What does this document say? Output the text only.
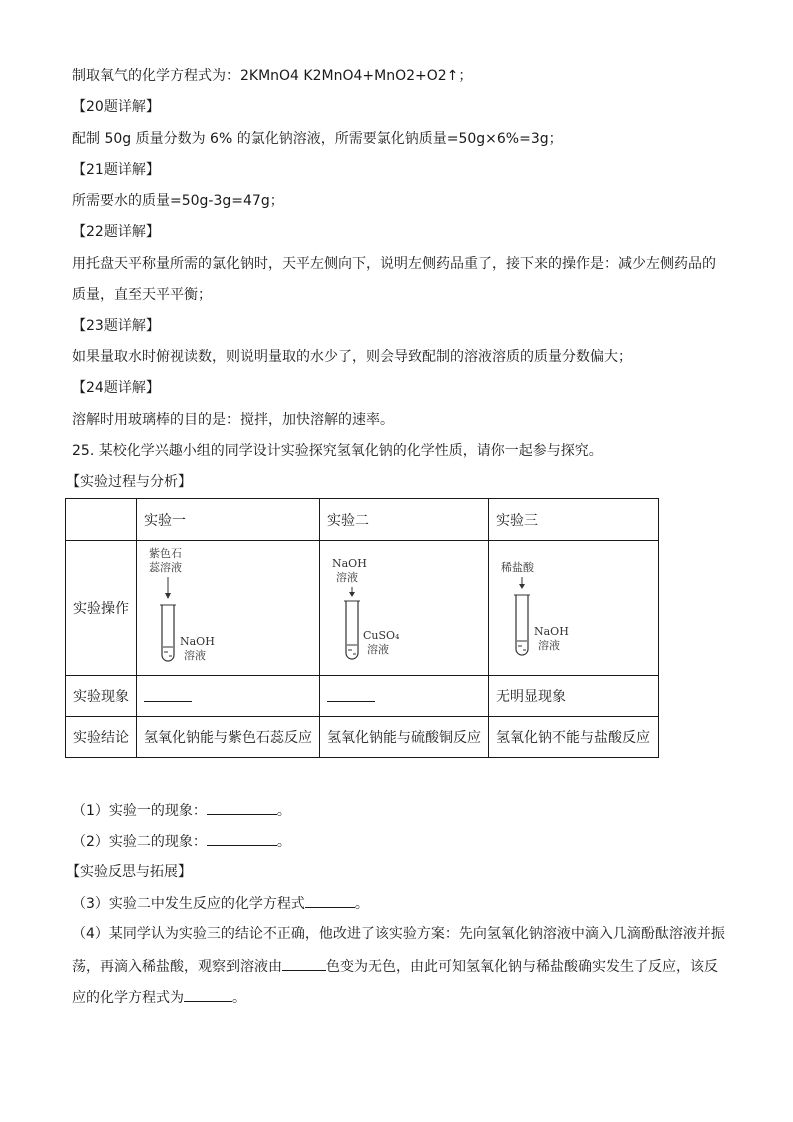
制取氧气的化学方程式为：2KMnO4 K2MnO4+MnO2+O2↑；
【20题详解】
配制 50g 质量分数为 6% 的氯化钠溶液，所需要氯化钠质量=50g×6%=3g；
【21题详解】
所需要水的质量=50g-3g=47g；
【22题详解】
用托盘天平称量所需的氯化钠时，天平左侧向下，说明左侧药品重了，接下来的操作是：减少左侧药品的
质量，直至天平平衡；
【23题详解】
如果量取水时俯视读数，则说明量取的水少了，则会导致配制的溶液溶质的质量分数偏大；
【24题详解】
溶解时用玻璃棒的目的是：搅拌，加快溶解的速率。
25. 某校化学兴趣小组的同学设计实验探究氢氧化钠的化学性质，请你一起参与探究。
【实验过程与分析】
	实验一	实验二	实验三
实验操作	紫色石
蕊溶液
NaOH
溶液	NaOH
溶液
CuSO₄
溶液	稀盐酸
NaOH
溶液

实验现象			无明显现象
实验结论	氢氧化钠能与紫色石蕊反应	氢氧化钠能与硫酸铜反应	氢氧化钠不能与盐酸反应
（1）实验一的现象：	。
（2）实验二的现象：	。
【实验反思与拓展】
（3）实验二中发生反应的化学方程式	。
（4）某同学认为实验三的结论不正确，他改进了该实验方案：先向氢氧化钠溶液中滴入几滴酚酞溶液并振
荡，再滴入稀盐酸，观察到溶液由	色变为无色，由此可知氢氧化钠与稀盐酸确实发生了反应，该反
应的化学方程式为	。
